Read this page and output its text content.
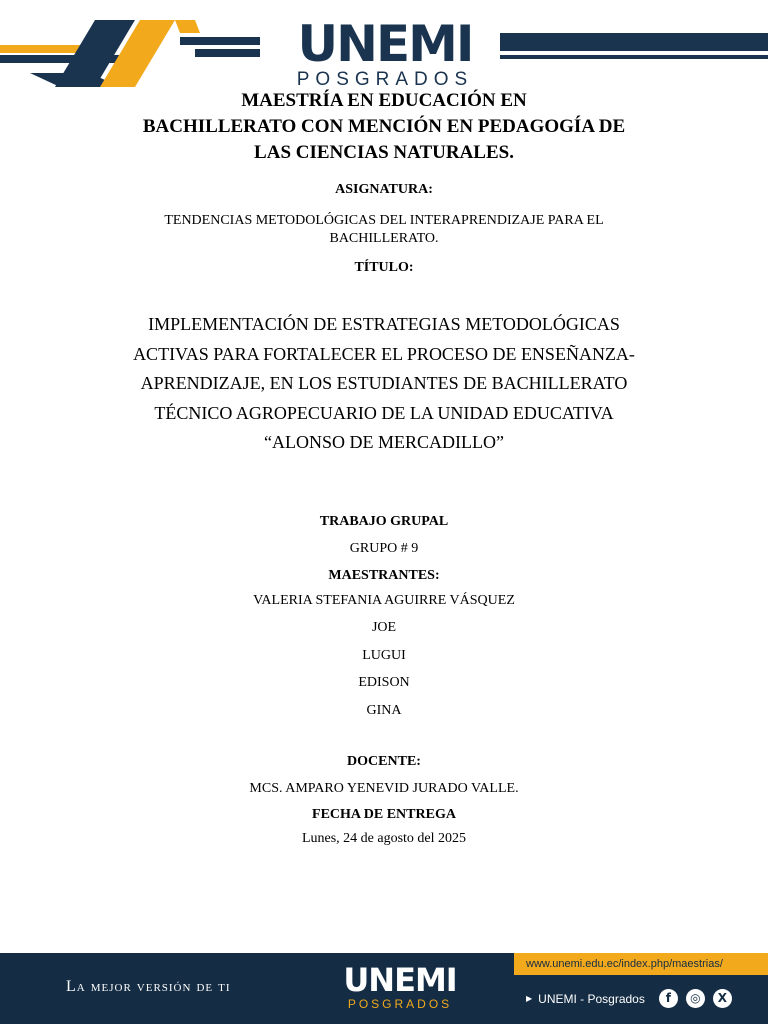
UNEMI
POSGRADOS
MAESTRÍA EN EDUCACIÓN EN
BACHILLERATO CON MENCIÓN EN PEDAGOGÍA DE
LAS CIENCIAS NATURALES.
ASIGNATURA:
TENDENCIAS METODOLÓGICAS DEL INTERAPRENDIZAJE PARA EL
BACHILLERATO.
TÍTULO:
IMPLEMENTACIÓN DE ESTRATEGIAS METODOLÓGICAS
ACTIVAS PARA FORTALECER EL PROCESO DE ENSEÑANZA-
APRENDIZAJE, EN LOS ESTUDIANTES DE BACHILLERATO
TÉCNICO AGROPECUARIO DE LA UNIDAD EDUCATIVA
“ALONSO DE MERCADILLO”
TRABAJO GRUPAL
GRUPO # 9
MAESTRANTES:
VALERIA STEFANIA AGUIRRE VÁSQUEZ
JOE
LUGUI
EDISON
GINA
DOCENTE:
MCS. AMPARO YENEVID JURADO VALLE.
FECHA DE ENTREGA
Lunes, 24 de agosto del 2025
La mejor versión de ti	UNEMI
POSGRADOS
www.unemi.edu.ec/index.php/maestrias/
▶ UNEMI - Posgrados	f	◎	X
